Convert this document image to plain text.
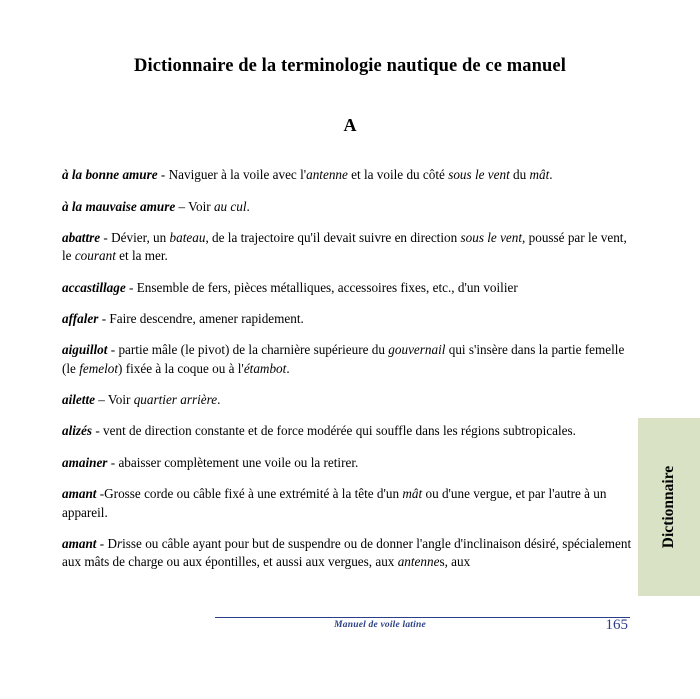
Dictionnaire de la terminologie nautique de ce manuel
A

à la bonne amure - Naviguer à la voile avec l'antenne et la voile du côté sous le vent du mât.

à la mauvaise amure – Voir au cul.

abattre - Dévier, un bateau, de la trajectoire qu'il devait suivre en direction sous le vent, poussé par le vent, le courant et la mer.

accastillage - Ensemble de fers, pièces métalliques, accessoires fixes, etc., d'un voilier

affaler - Faire descendre, amener rapidement.

aiguillot - partie mâle (le pivot) de la charnière supérieure du gouvernail qui s'insère dans la partie femelle (le femelot) fixée à la coque ou à l'étambot.

ailette – Voir quartier arrière.

alizés - vent de direction constante et de force modérée qui souffle dans les régions subtropicales.

amainer - abaisser complètement une voile ou la retirer.

amant -Grosse corde ou câble fixé à une extrémité à la tête d'un mât ou d'une vergue, et par l'autre à un appareil.

amant - Drisse ou câble ayant pour but de suspendre ou de donner l'angle d'inclinaison désiré, spécialement aux mâts de charge ou aux épontilles, et aussi aux vergues, aux antennes, aux

Dictionnaire
Manuel de voile latine	165
